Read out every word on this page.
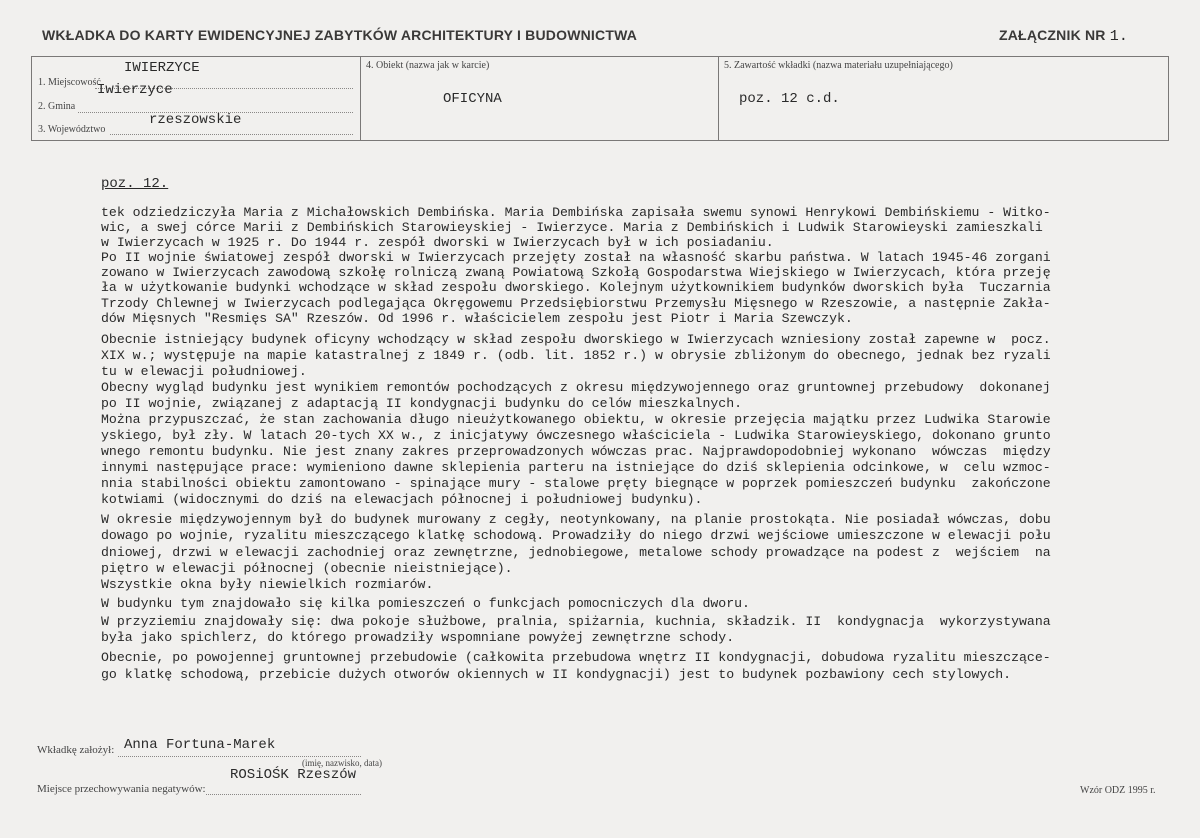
WKŁADKA DO KARTY EWIDENCYJNEJ ZABYTKÓW ARCHITEKTURY I BUDOWNICTWA	ZAŁĄCZNIK NR 1.
1. Miejscowość
IWIERZYCE
2. Gmina
Iwierzyce
3. Województwo
rzeszowskie
4. Obiekt (nazwa jak w karcie)
OFICYNA
5. Zawartość wkładki (nazwa materiału uzupełniającego)
poz. 12 c.d.
poz. 12.
tek odziedziczyła Maria z Michałowskich Dembińska. Maria Dembińska zapisała swemu synowi Henrykowi Dembińskiemu - Witko-
wic, a swej córce Marii z Dembińskich Starowieyskiej - Iwierzyce. Maria z Dembińskich i Ludwik Starowieyski zamieszkali
w Iwierzycach w 1925 r. Do 1944 r. zespół dworski w Iwierzycach był w ich posiadaniu.
Po II wojnie światowej zespół dworski w Iwierzycach przejęty został na własność skarbu państwa. W latach 1945-46 zorgani
zowano w Iwierzycach zawodową szkołę rolniczą zwaną Powiatową Szkołą Gospodarstwa Wiejskiego w Iwierzycach, która przeję
ła w użytkowanie budynki wchodzące w skład zespołu dworskiego. Kolejnym użytkownikiem budynków dworskich była  Tuczarnia
Trzody Chlewnej w Iwierzycach podlegająca Okręgowemu Przedsiębiorstwu Przemysłu Mięsnego w Rzeszowie, a następnie Zakła-
dów Mięsnych "Resmięs SA" Rzeszów. Od 1996 r. właścicielem zespołu jest Piotr i Maria Szewczyk.
Obecnie istniejący budynek oficyny wchodzący w skład zespołu dworskiego w Iwierzycach wzniesiony został zapewne w  pocz.
XIX w.; występuje na mapie katastralnej z 1849 r. (odb. lit. 1852 r.) w obrysie zbliżonym do obecnego, jednak bez ryzali
tu w elewacji południowej.
Obecny wygląd budynku jest wynikiem remontów pochodzących z okresu międzywojennego oraz gruntownej przebudowy  dokonanej
po II wojnie, związanej z adaptacją II kondygnacji budynku do celów mieszkalnych.
Można przypuszczać, że stan zachowania długo nieużytkowanego obiektu, w okresie przejęcia majątku przez Ludwika Starowie
yskiego, był zły. W latach 20-tych XX w., z inicjatywy ówczesnego właściciela - Ludwika Starowieyskiego, dokonano grunto
wnego remontu budynku. Nie jest znany zakres przeprowadzonych wówczas prac. Najprawdopodobniej wykonano  wówczas  między
innymi następujące prace: wymieniono dawne sklepienia parteru na istniejące do dziś sklepienia odcinkowe, w  celu wzmoc-
nnia stabilności obiektu zamontowano - spinające mury - stalowe pręty biegnące w poprzek pomieszczeń budynku  zakończone
kotwiami (widocznymi do dziś na elewacjach północnej i południowej budynku).
W okresie międzywojennym był do budynek murowany z cegły, neotynkowany, na planie prostokąta. Nie posiadał wówczas, dobu
dowago po wojnie, ryzalitu mieszczącego klatkę schodową. Prowadziły do niego drzwi wejściowe umieszczone w elewacji połu
dniowej, drzwi w elewacji zachodniej oraz zewnętrzne, jednobiegowe, metalowe schody prowadzące na podest z  wejściem  na
piętro w elewacji północnej (obecnie nieistniejące).
Wszystkie okna były niewielkich rozmiarów.
W budynku tym znajdowało się kilka pomieszczeń o funkcjach pomocniczych dla dworu.
W przyziemiu znajdowały się: dwa pokoje służbowe, pralnia, spiżarnia, kuchnia, składzik. II  kondygnacja  wykorzystywana
była jako spichlerz, do którego prowadziły wspomniane powyżej zewnętrzne schody.
Obecnie, po powojennej gruntownej przebudowie (całkowita przebudowa wnętrz II kondygnacji, dobudowa ryzalitu mieszczące-
go klatkę schodową, przebicie dużych otworów okiennych w II kondygnacji) jest to budynek pozbawiony cech stylowych.
Wkładkę założył: Anna Fortuna-Marek
(imię, nazwisko, data)
Miejsce przechowywania negatywów:
ROSiOŚK Rzeszów
Wzór ODZ 1995 r.
